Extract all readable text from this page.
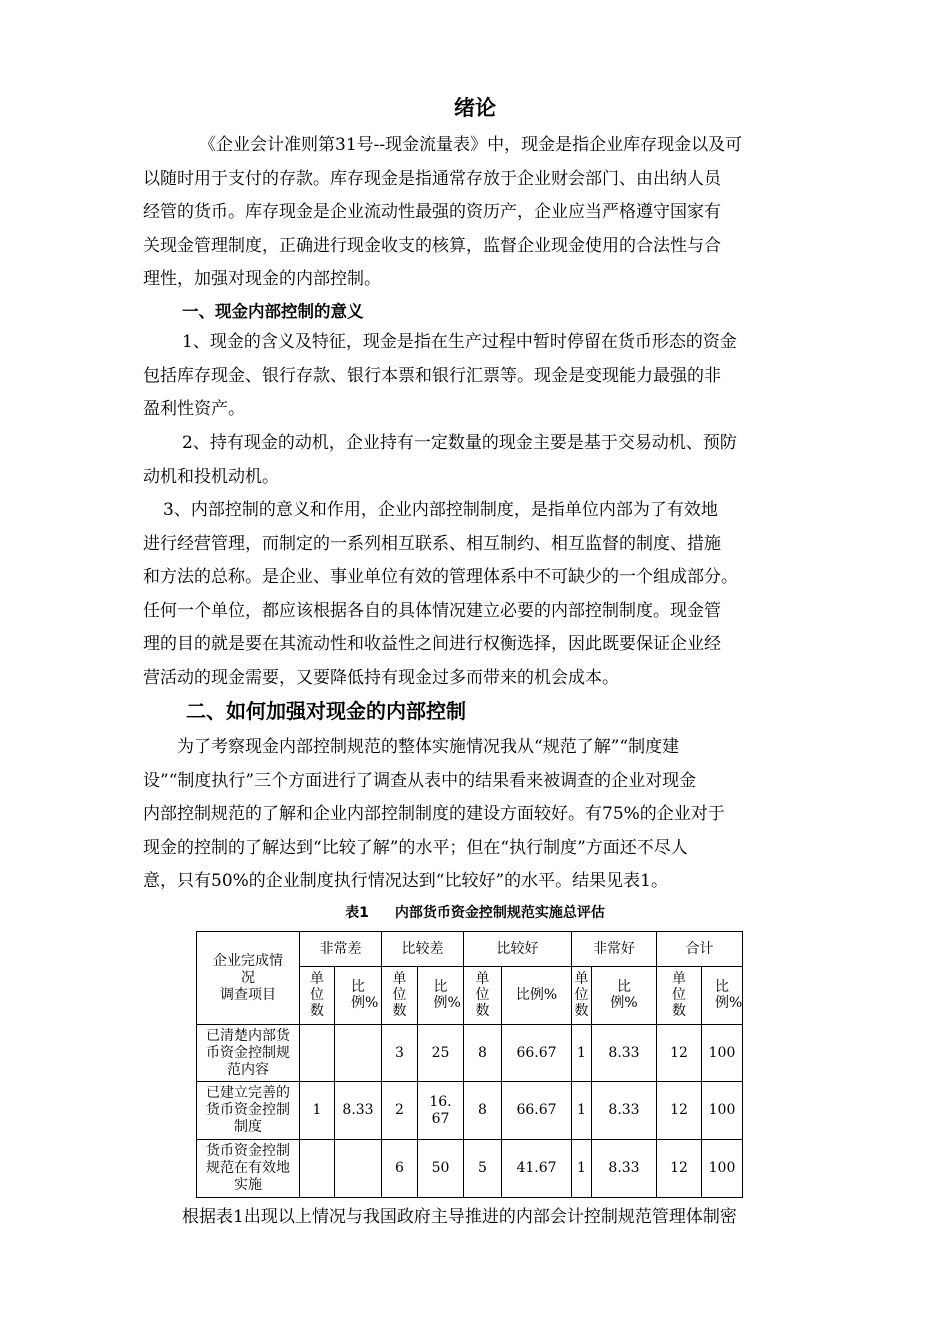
绪论
《企业会计准则第31号--现金流量表》中，现金是指企业库存现金以及可
以随时用于支付的存款。库存现金是指通常存放于企业财会部门、由出纳人员
经管的货币。库存现金是企业流动性最强的资历产，企业应当严格遵守国家有
关现金管理制度，正确进行现金收支的核算，监督企业现金使用的合法性与合
理性，加强对现金的内部控制。
一、现金内部控制的意义
1、现金的含义及特征，现金是指在生产过程中暂时停留在货币形态的资金
包括库存现金、银行存款、银行本票和银行汇票等。现金是变现能力最强的非
盈利性资产。
2、持有现金的动机，企业持有一定数量的现金主要是基于交易动机、预防
动机和投机动机。
3、内部控制的意义和作用，企业内部控制制度，是指单位内部为了有效地
进行经营管理，而制定的一系列相互联系、相互制约、相互监督的制度、措施
和方法的总称。是企业、事业单位有效的管理体系中不可缺少的一个组成部分。
任何一个单位，都应该根据各自的具体情况建立必要的内部控制制度。现金管
理的目的就是要在其流动性和收益性之间进行权衡选择，因此既要保证企业经
营活动的现金需要，又要降低持有现金过多而带来的机会成本。
二、如何加强对现金的内部控制
为了考察现金内部控制规范的整体实施情况我从“规范了解”“制度建
设”“制度执行”三个方面进行了调查从表中的结果看来被调查的企业对现金
内部控制规范的了解和企业内部控制制度的建设方面较好。有75%的企业对于
现金的控制的了解达到“比较了解”的水平；但在“执行制度”方面还不尽人
意，只有50%的企业制度执行情况达到“比较好”的水平。结果见表1。
表1 内部货币资金控制规范实施总评估
企业完成情
况
调查项目	非常差		比较差		比较好		非常好		合计	
	单位数	比例%	单位数	比例%	单位数	比例%	单位数	比例%	单位数	比例%
已清楚内部货币资金控制规范内容			3	25	8	66.67	1	8.33	12	100
已建立完善的货币资金控制制度	1	8.33	2	16.67	8	66.67	1	8.33	12	100
货币资金控制规范在有效地实施			6	50	5	41.67	1	8.33	12	100
根据表1出现以上情况与我国政府主导推进的内部会计控制规范管理体制密
